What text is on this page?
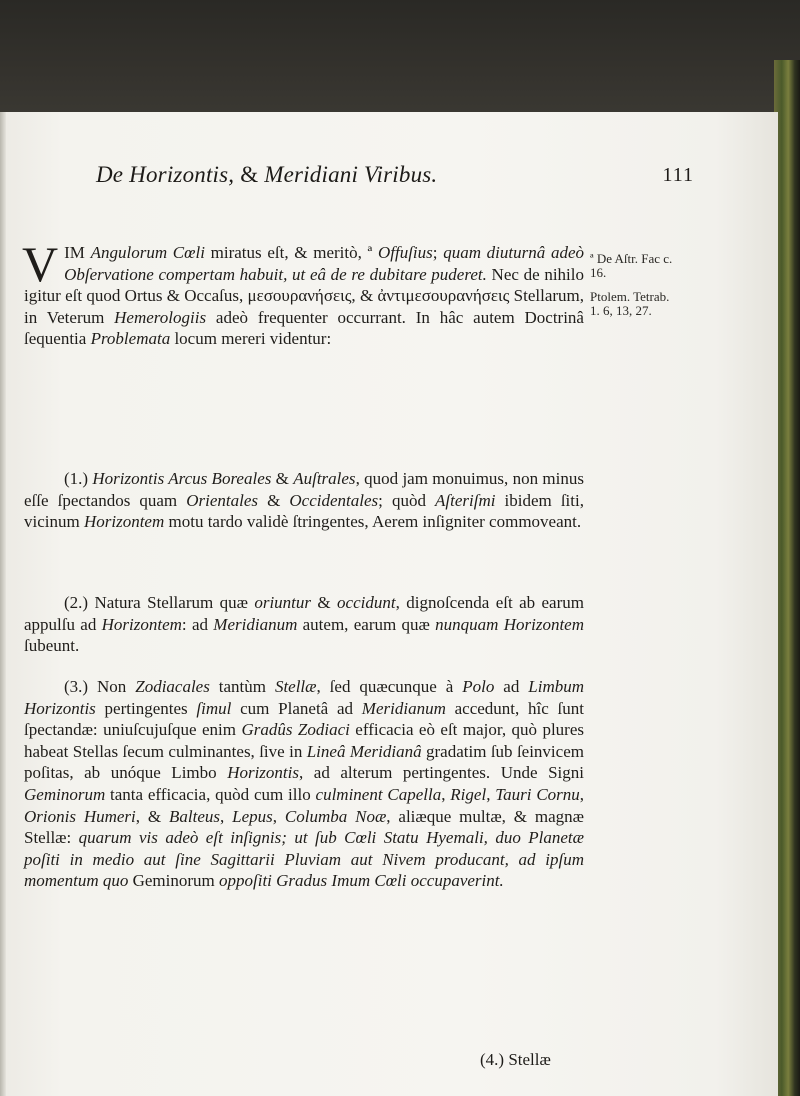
De Horizontis, & Meridiani Viribus.	111

V IM Angulorum Cœli miratus eſt, & meritò, ª Offuſius; quam diuturnâ adeò Obſervatione compertam habuit, ut eâ de re dubitare puderet. Nec de nihilo igitur eſt quod Ortus & Occaſus, μεσουρανήσεις, & ἀντιμεσουρανήσεις Stellarum, in Veterum Hemerologiis adeò frequenter occurrant. In hâc autem Doctrinâ ſequentia Problemata locum mereri videntur:

ª De Aſtr. Fac c. 16.
Ptolem. Tetrab. 1. 6, 13, 27.

(1.) Horizontis Arcus Boreales & Auſtrales, quod jam monuimus, non minus eſſe ſpectandos quam Orientales & Occidentales; quòd Aſteriſmi ibidem ſiti, vicinum Horizontem motu tardo validè ſtringentes, Aerem inſigniter commoveant.

(2.) Natura Stellarum quæ oriuntur & occidunt, dignoſcenda eſt ab earum appulſu ad Horizontem: ad Meridianum autem, earum quæ nunquam Horizontem ſubeunt.

(3.) Non Zodiacales tantùm Stellæ, ſed quæcunque à Polo ad Limbum Horizontis pertingentes ſimul cum Planetâ ad Meridianum accedunt, hîc ſunt ſpectandæ: uniuſcujuſque enim Gradûs Zodiaci efficacia eò eſt major, quò plures habeat Stellas ſecum culminantes, ſive in Lineâ Meridianâ gradatim ſub ſeinvicem poſitas, ab unóque Limbo Horizontis, ad alterum pertingentes. Unde Signi Geminorum tanta efficacia, quòd cum illo culminent Capella, Rigel, Tauri Cornu, Orionis Humeri, & Balteus, Lepus, Columba Noæ, aliæque multæ, & magnæ Stellæ: quarum vis adeò eſt inſignis; ut ſub Cœli Statu Hyemali, duo Planetæ poſiti in medio aut ſine Sagittarii Pluviam aut Nivem producant, ad ipſum momentum quo Geminorum oppoſiti Gradus Imum Cœli occupaverint.

(4.) Stellæ
